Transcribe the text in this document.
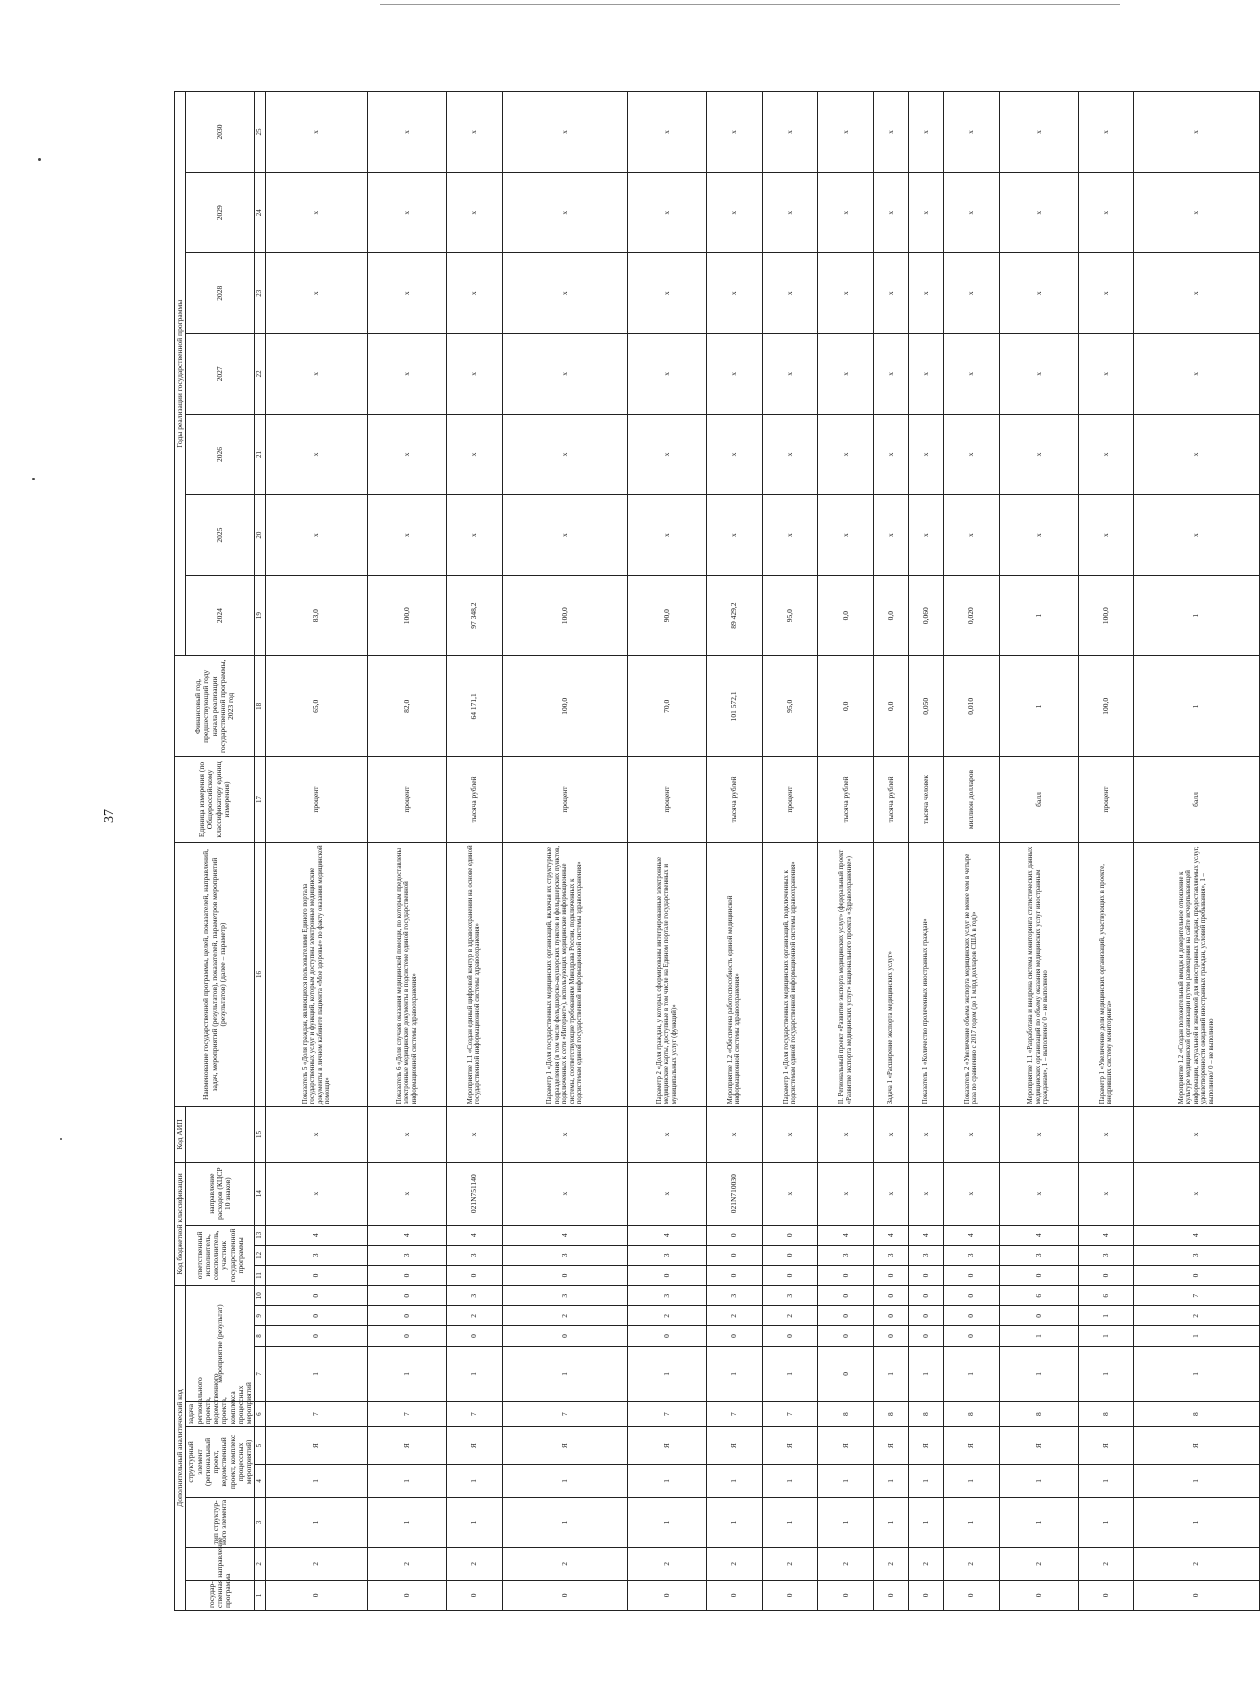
37
Дополнительный аналитический код										Код бюджетной классификации				Код АИП	Наименование государственной программы, целей, показателей, направлений, задач, мероприятий (результатов), показателей, параметров мероприятий (результатов) (далее – параметр)	Единица измерения (по Общероссийскому классификатору единиц измерения)	Финансовый год, предшествующий году начала реализации государственной программы, 2023 год	Годы реализации государственной программы						
государ-ственная программа	направление	тип структур-ного элемента	структурный элемент (региональный проект, ведомственный проект, комплекс процессных мероприятий)		задача регионального проекта, ведомственного проекта, комплекса процессных мероприятий	мероприятие (результат)				ответственный исполнитель, соисполнитель, участник государственной программы			направление расходов (КЦСР 10 знаков)											
																		2024	2025	2026	2027	2028	2029	2030
1	2	3	4	5	6	7	8	9	10	11	12	13	14	15	16	17	18	19	20	21	22	23	24	25
0	2	1	1	Я	7	1	0	0	0	0	3	4	х	х	Показатель 5 «Доля граждан, являющихся пользователями Единого портала государственных услуг и функций, которым доступны электронные медицинские документы в личном кабинете пациента «Мое здоровье» по факту оказания медицинской помощи»	процент	65,0	83,0	х	х	х	х	х	х
0	2	1	1	Я	7	1	0	0	0	0	3	4	х	х	Показатель 6 «Доля случаев оказания медицинской помощи, по которым предоставлены электронные медицинские документы в подсистеме единой государственной информационной системы здравоохранения»	процент	82,0	100,0	х	х	х	х	х	х
0	2	1	1	Я	7	1	0	2	3	0	3	4	021N751140	х	Мероприятие 1.1 «Создан единый цифровой контур в здравоохранении на основе единой государственной информационной системы здравоохранения»	тысяча рублей	64 171,1	97 348,2	х	х	х	х	х	х
0	2	1	1	Я	7	1	0	2	3	0	3	4	х	х	Параметр 1 «Доля государственных медицинских организаций, включая их структурные подразделения (в том числе фельдшерско-акушерских пунктов и фельдшерских пунктов, подключенных к сети «Интернет»), использующих медицинские информационные системы, соответствующие требованиям Минздрава России, подключенных к подсистемам единой государственной информационной системы здравоохранения»	процент	100,0	100,0	х	х	х	х	х	х
0	2	1	1	Я	7	1	0	2	3	0	3	4	х	х	Параметр 2 «Доля граждан, у которых сформированы интегрированные электронные медицинские карты, доступные в том числе на Едином портале государственных и муниципальных услуг (функций)»	процент	70,0	90,0	х	х	х	х	х	х
0	2	1	1	Я	7	1	0	2	3	0	0	0	021N710030	х	Мероприятие 1.2 «Обеспечена работоспособность единой медицинской информационной системы здравоохранения»	тысяча рублей	101 572,1	89 429,2	х	х	х	х	х	х
0	2	1	1	Я	7	1	0	2	3	0	0	0	х	х	Параметр 1 «Доля государственных медицинских организаций, подключенных к подсистемам единой государственной информационной системы здравоохранения»	процент	95,0	95,0	х	х	х	х	х	х
0	2	1	1	Я	8	0	0	0	0	0	3	4	х	х	II. Региональный проект «Развитие экспорта медицинских услуг» (федеральный проект «Развитие экспорта медицинских услуг» национального проекта «Здравоохранение»)	тысяча рублей	0,0	0,0	х	х	х	х	х	х
0	2	1	1	Я	8	1	0	0	0	0	3	4	х	х	Задача 1 «Расширение экспорта медицинских услуг»	тысяча рублей	0,0	0,0	х	х	х	х	х	х
0	2	1	1	Я	8	1	0	0	0	0	3	4	х	х	Показатель 1 «Количество пролеченных иностранных граждан»	тысяча человек	0,050	0,060	х	х	х	х	х	х
0	2	1	1	Я	8	1	0	0	0	0	3	4	х	х	Показатель 2 «Увеличение объема экспорта медицинских услуг не менее чем в четыре раза по сравнению с 2017 годом (до 1 млрд долларов США в год)»	миллион долларов	0,010	0,020	х	х	х	х	х	х
0	2	1	1	Я	8	1	1	0	6	0	3	4	х	х	Мероприятие 1.1 «Разработана и внедрена система мониторинга статистических данных медицинских организаций по объему оказания медицинских услуг иностранным гражданам», 1 – выполнено/ 0 – не выполнено	балл	1	1	х	х	х	х	х	х
0	2	1	1	Я	8	1	1	1	6	0	3	4	х	х	Параметр 1 «Увеличение доли медицинских организаций, участвующих в проекте, внедривших систему мониторинга»	процент	100,0	100,0	х	х	х	х	х	х
0	2	1	1	Я	8	1	1	2	7	0	3	4	х	х	Мероприятие 1.2 «Создан положительный имидж и доверительное отношение к культуре медицинской организации путем размещения на сайте исчерпывающей информации, актуальной и значимой для иностранных граждан, предоставляемых услуг, удовлетворенности ожиданий иностранных граждан, условий пребывания», 1 – выполнено/ 0 – не выполнено	балл	1	1	х	х	х	х	х	х
